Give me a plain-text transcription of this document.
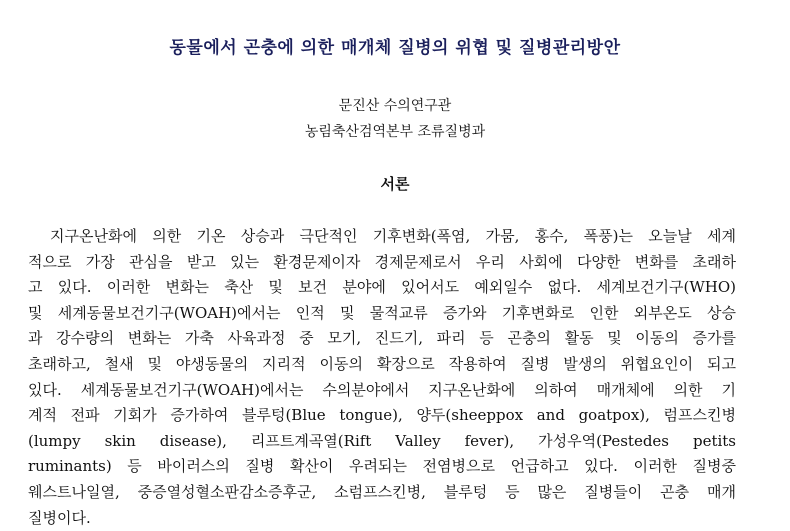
동물에서 곤충에 의한 매개체 질병의 위협 및 질병관리방안
문진산 수의연구관
농림축산검역본부 조류질병과
서론
지구온난화에 의한 기온 상승과 극단적인 기후변화(폭염, 가뭄, 홍수, 폭풍)는 오늘날 세계
적으로 가장 관심을 받고 있는 환경문제이자 경제문제로서 우리 사회에 다양한 변화를 초래하
고 있다. 이러한 변화는 축산 및 보건 분야에 있어서도 예외일수 없다. 세계보건기구(WHO)
및 세계동물보건기구(WOAH)에서는 인적 및 물적교류 증가와 기후변화로 인한 외부온도 상승
과 강수량의 변화는 가축 사육과정 중 모기, 진드기, 파리 등 곤충의 활동 및 이동의 증가를
초래하고, 철새 및 야생동물의 지리적 이동의 확장으로 작용하여 질병 발생의 위협요인이 되고
있다. 세계동물보건기구(WOAH)에서는 수의분야에서 지구온난화에 의하여 매개체에 의한 기
계적 전파 기회가 증가하여 블루텅(Blue tongue), 양두(sheeppox and goatpox), 럼프스킨병
(lumpy skin disease), 리프트계곡열(Rift Valley fever), 가성우역(Pestedes petits
ruminants) 등 바이러스의 질병 확산이 우려되는 전염병으로 언급하고 있다. 이러한 질병중
웨스트나일열, 중증열성혈소판감소증후군, 소럼프스킨병, 블루텅 등 많은 질병들이 곤충 매개
질병이다.
